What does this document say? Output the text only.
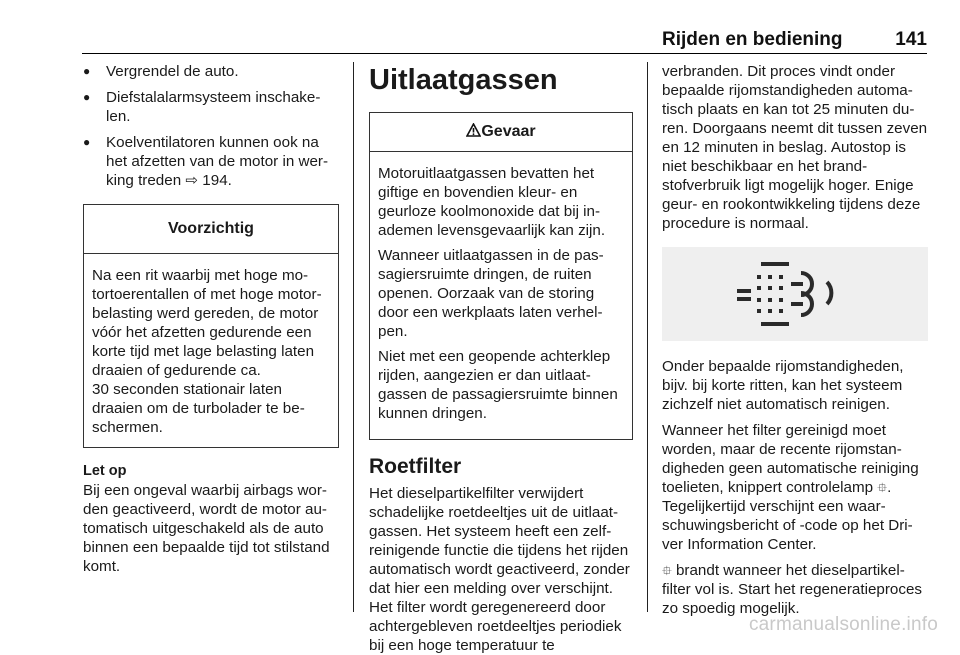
Rijden en bediening	141
● Vergrendel de auto.
● Diefstalalarmsysteem inschakelen.
● Koelventilatoren kunnen ook na het afzetten van de motor in werking treden ⇨ 194.
Voorzichtig

Na een rit waarbij met hoge motortoerentallen of met hoge motorbelasting werd gereden, de motor vóór het afzetten gedurende een korte tijd met lage belasting laten draaien of gedurende ca.

30 seconden stationair laten draaien om de turbolader te beschermen.

Let op

Bij een ongeval waarbij airbags worden geactiveerd, wordt de motor automatisch uitgeschakeld als de auto binnen een bepaalde tijd tot stilstand komt.

Uitlaatgassen
Gevaar

Motoruitlaatgassen bevatten het giftige en bovendien kleur- en geurloze koolmonoxide dat bij inademen levensgevaarlijk kan zijn.

Wanneer uitlaatgassen in de passagiersruimte dringen, de ruiten openen. Oorzaak van de storing door een werkplaats laten verhelpen.

Niet met een geopende achterklep rijden, aangezien er dan uitlaatgassen de passagiersruimte binnen kunnen dringen.

Roetfilter

Het dieselpartikelfilter verwijdert schadelijke roetdeeltjes uit de uitlaatgassen. Het systeem heeft een zelfreinigende functie die tijdens het rijden automatisch wordt geactiveerd, zonder dat hier een melding over verschijnt. Het filter wordt geregenereerd door achtergebleven roetdeeltjes periodiek bij een hoge temperatuur te

verbranden. Dit proces vindt onder bepaalde rijomstandigheden automatisch plaats en kan tot 25 minuten duren. Doorgaans neemt dit tussen zeven en 12 minuten in beslag. Autostop is niet beschikbaar en het brandstofverbruik ligt mogelijk hoger. Enige geur- en rookontwikkeling tijdens deze procedure is normaal.

Onder bepaalde rijomstandigheden, bijv. bij korte ritten, kan het systeem zichzelf niet automatisch reinigen.

Wanneer het filter gereinigd moet worden, maar de recente rijomstandigheden geen automatische reiniging toelieten, knippert controlelamp ⯐. Tegelijkertijd verschijnt een waarschuwingsbericht of -code op het Driver Information Center.

⯐ brandt wanneer het dieselpartikelfilter vol is. Start het regeneratieproces zo spoedig mogelijk.

carmanualsonline.info
